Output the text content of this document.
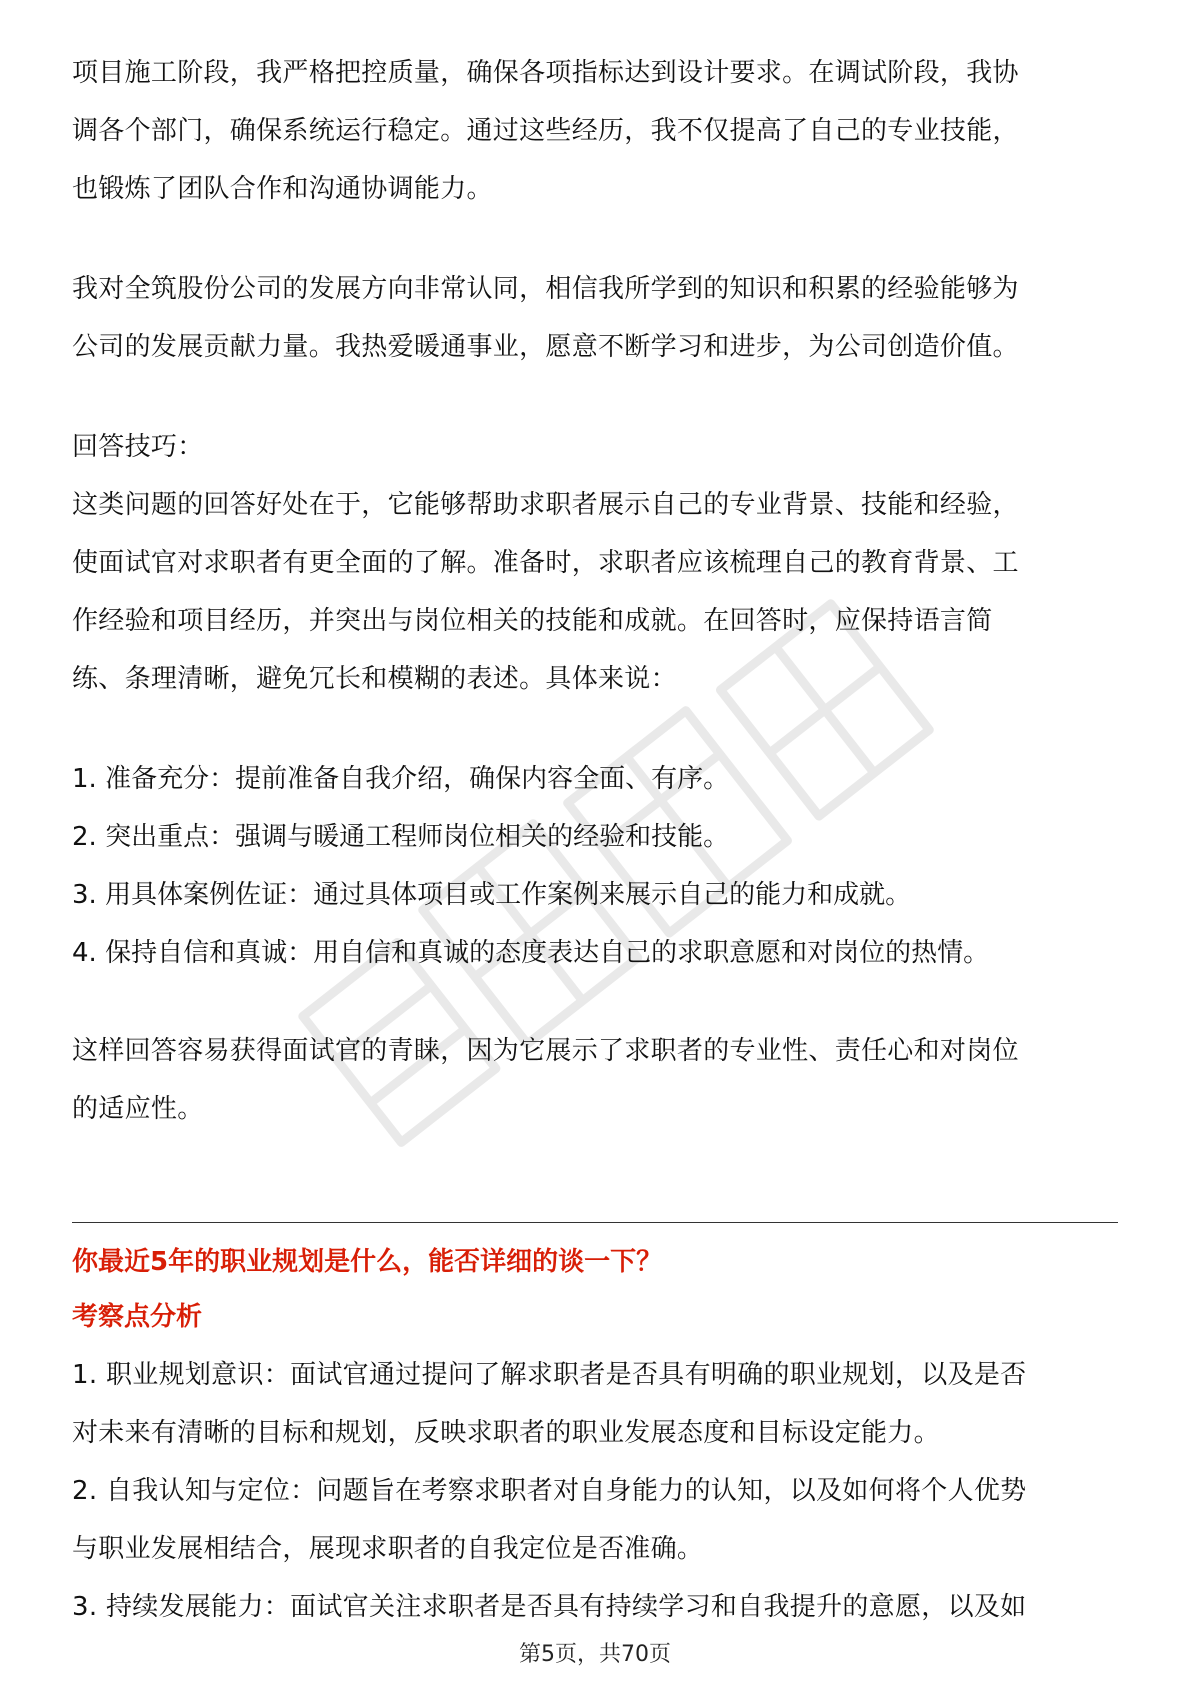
项目施工阶段，我严格把控质量，确保各项指标达到设计要求。在调试阶段，我协

调各个部门，确保系统运行稳定。通过这些经历，我不仅提高了自己的专业技能，

也锻炼了团队合作和沟通协调能力。

我对全筑股份公司的发展方向非常认同，相信我所学到的知识和积累的经验能够为

公司的发展贡献力量。我热爱暖通事业，愿意不断学习和进步，为公司创造价值。

回答技巧：

这类问题的回答好处在于，它能够帮助求职者展示自己的专业背景、技能和经验，

使面试官对求职者有更全面的了解。准备时，求职者应该梳理自己的教育背景、工

作经验和项目经历，并突出与岗位相关的技能和成就。在回答时，应保持语言简

练、条理清晰，避免冗长和模糊的表述。具体来说：

1. 准备充分：提前准备自我介绍，确保内容全面、有序。

2. 突出重点：强调与暖通工程师岗位相关的经验和技能。

3. 用具体案例佐证：通过具体项目或工作案例来展示自己的能力和成就。

4. 保持自信和真诚：用自信和真诚的态度表达自己的求职意愿和对岗位的热情。

这样回答容易获得面试官的青睐，因为它展示了求职者的专业性、责任心和对岗位

的适应性。

你最近5年的职业规划是什么，能否详细的谈一下？

考察点分析

1. 职业规划意识：面试官通过提问了解求职者是否具有明确的职业规划，以及是否

对未来有清晰的目标和规划，反映求职者的职业发展态度和目标设定能力。

2. 自我认知与定位：问题旨在考察求职者对自身能力的认知，以及如何将个人优势

与职业发展相结合，展现求职者的自我定位是否准确。

3. 持续发展能力：面试官关注求职者是否具有持续学习和自我提升的意愿，以及如

第5页，共70页
